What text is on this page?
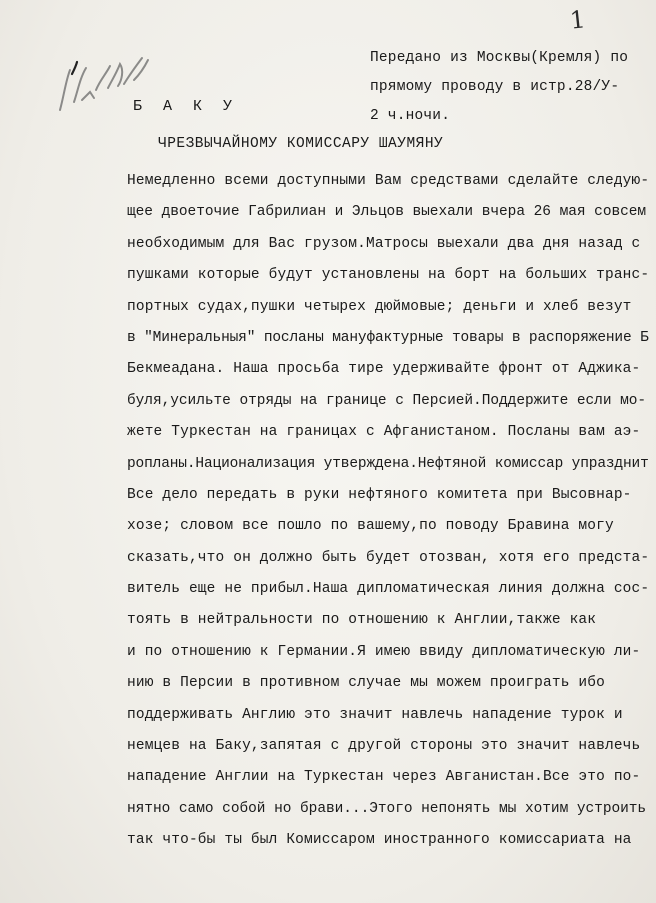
1
Передано из Москвы(Кремля) по
прямому проводу в истр.28/У-
2 ч.ночи.
Б А К У
ЧРЕЗВЫЧАЙНОМУ КОМИССАРУ ШАУМЯНУ
Немедленно всеми доступными Вам средствами сделайте следую-
щее двоеточие Габрилиан и Эльцов выехали вчера 26 мая совсем
необходимым для Вас грузом.Матросы выехали два дня назад с
пушками которые будут установлены на борт на больших транс-
портных судах,пушки четырех дюймовые; деньги и хлеб везут
в "Минеральныя" посланы мануфактурные товары в распоряжение Б
Бекмеадана. Наша просьба тире удерживайте фронт от Аджика-
буля,усильте отряды на границе с Персией.Поддержите если мо-
жете Туркестан на границах с Афганистаном. Посланы вам аэ-
ропланы.Национализация утверждена.Нефтяной комиссар упразднит
Все дело передать в руки нефтяного комитета при Высовнар-
хозе; словом все пошло по вашему,по поводу Бравина могу
сказать,что он должно быть будет отозван, хотя его предста-
витель еще не прибыл.Наша дипломатическая линия должна сос-
тоять в нейтральности по отношению к Англии,также как
и по отношению к Германии.Я имею ввиду дипломатическую ли-
нию в Персии в противном случае мы можем проиграть ибо
поддерживать Англию это значит навлечь нападение турок и
немцев на Баку,запятая с другой стороны это значит навлечь
нападение Англии на Туркестан через Авганистан.Все это по-
нятно само собой но брави...Этого непонять мы хотим устроить
так что-бы ты был Комиссаром иностранного комиссариата на
